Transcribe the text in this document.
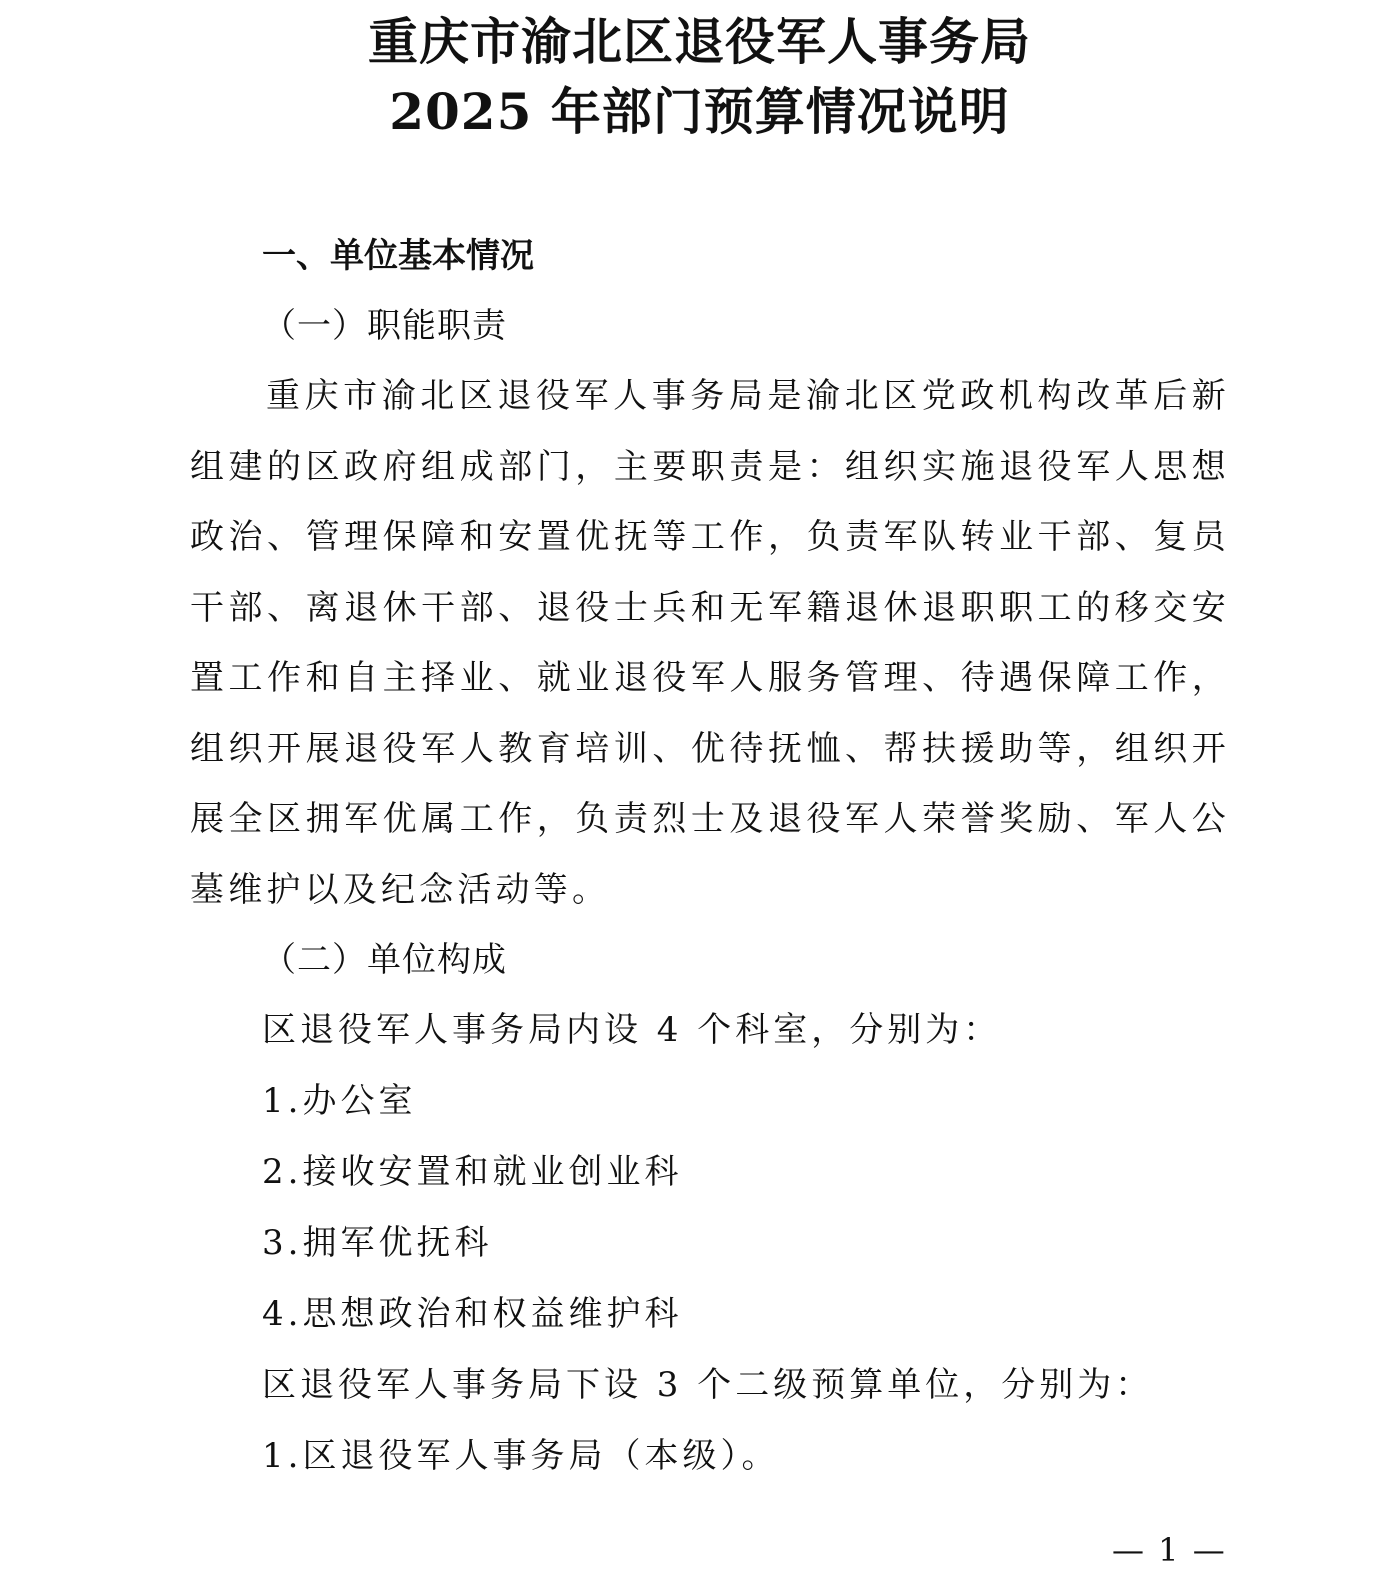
重庆市渝北区退役军人事务局
2025 年部门预算情况说明
一、单位基本情况
（一）职能职责

重庆市渝北区退役军人事务局是渝北区党政机构改革后新组建的区政府组成部门，主要职责是：组织实施退役军人思想政治、管理保障和安置优抚等工作，负责军队转业干部、复员干部、离退休干部、退役士兵和无军籍退休退职职工的移交安置工作和自主择业、就业退役军人服务管理、待遇保障工作，组织开展退役军人教育培训、优待抚恤、帮扶援助等，组织开展全区拥军优属工作，负责烈士及退役军人荣誉奖励、军人公墓维护以及纪念活动等。

（二）单位构成
区退役军人事务局内设 4 个科室，分别为：
1.办公室
2.接收安置和就业创业科
3.拥军优抚科
4.思想政治和权益维护科
区退役军人事务局下设 3 个二级预算单位，分别为：
1.区退役军人事务局（本级）。
— 1 —
